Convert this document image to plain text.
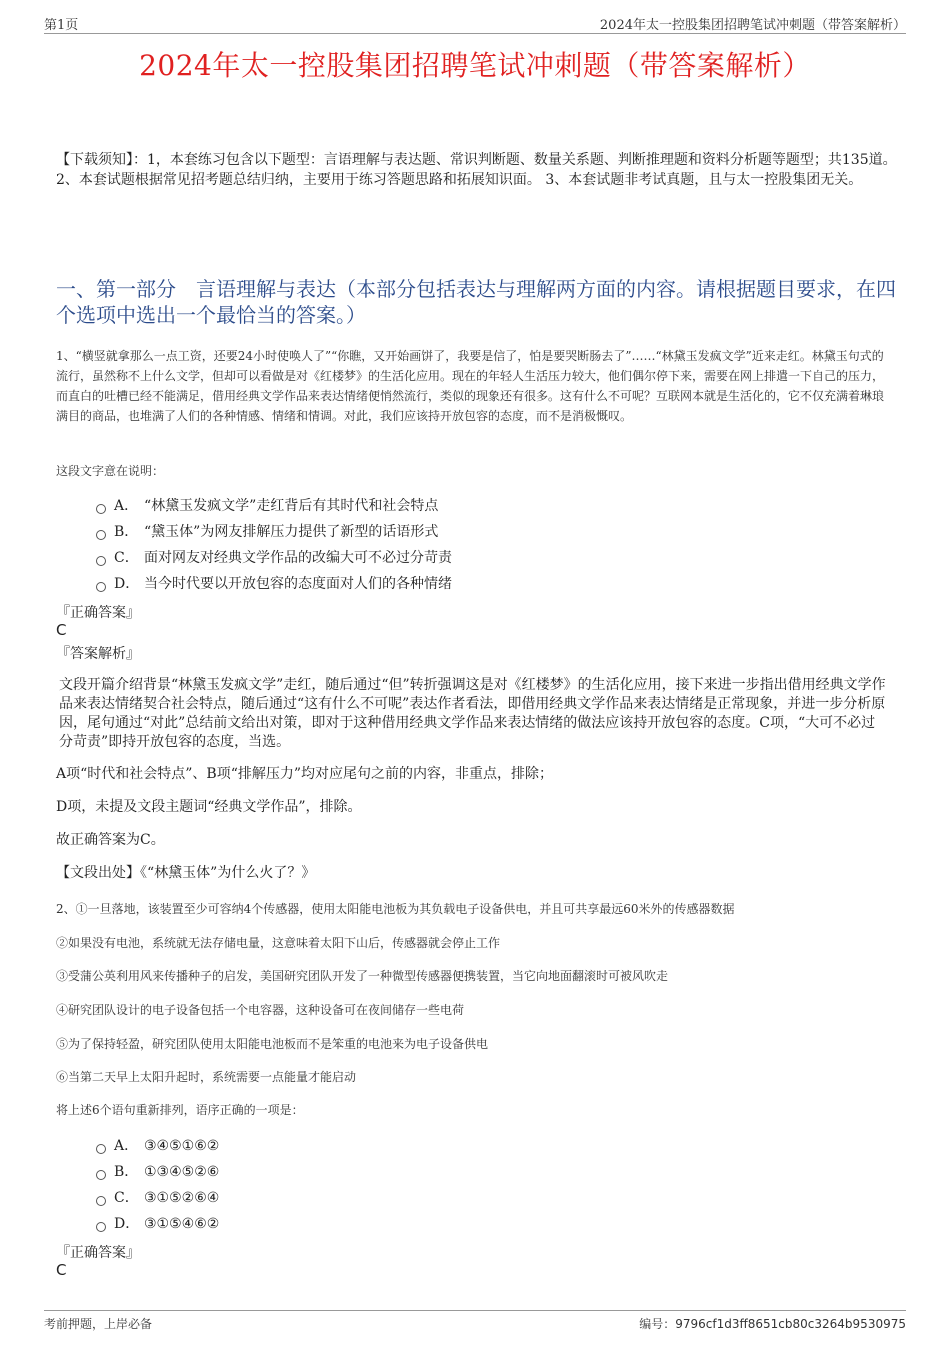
第1页	2024年太一控股集团招聘笔试冲刺题（带答案解析）
2024年太一控股集团招聘笔试冲刺题（带答案解析）
【下载须知】：1，本套练习包含以下题型：言语理解与表达题、常识判断题、数量关系题、判断推理题和资料分析题等题型；共135道。 2、本套试题根据常见招考题总结归纳，主要用于练习答题思路和拓展知识面。 3、本套试题非考试真题，且与太一控股集团无关。
一、第一部分　言语理解与表达（本部分包括表达与理解两方面的内容。请根据题目要求，在四个选项中选出一个最恰当的答案。）
1、“横竖就拿那么一点工资，还要24小时使唤人了”“你瞧，又开始画饼了，我要是信了，怕是要哭断肠去了”……“林黛玉发疯文学”近来走红。林黛玉句式的流行，虽然称不上什么文学，但却可以看做是对《红楼梦》的生活化应用。现在的年轻人生活压力较大，他们偶尔停下来，需要在网上排遣一下自己的压力，而直白的吐槽已经不能满足，借用经典文学作品来表达情绪便悄然流行，类似的现象还有很多。这有什么不可呢？互联网本就是生活化的，它不仅充满着琳琅满目的商品，也堆满了人们的各种情感、情绪和情调。对此，我们应该持开放包容的态度，而不是消极慨叹。
这段文字意在说明：
A． “林黛玉发疯文学”走红背后有其时代和社会特点
B． “黛玉体”为网友排解压力提供了新型的话语形式
C． 面对网友对经典文学作品的改编大可不必过分苛责
D． 当今时代要以开放包容的态度面对人们的各种情绪
『正确答案』
C
『答案解析』
文段开篇介绍背景“林黛玉发疯文学”走红，随后通过“但”转折强调这是对《红楼梦》的生活化应用，接下来进一步指出借用经典文学作品来表达情绪契合社会特点，随后通过“这有什么不可呢”表达作者看法，即借用经典文学作品来表达情绪是正常现象，并进一步分析原因，尾句通过“对此”总结前文给出对策，即对于这种借用经典文学作品来表达情绪的做法应该持开放包容的态度。C项，“大可不必过分苛责”即持开放包容的态度，当选。
A项“时代和社会特点”、B项“排解压力”均对应尾句之前的内容，非重点，排除；
D项，未提及文段主题词“经典文学作品”，排除。
故正确答案为C。
【文段出处】《“林黛玉体”为什么火了？》
2、①一旦落地，该装置至少可容纳4个传感器，使用太阳能电池板为其负载电子设备供电，并且可共享最远60米外的传感器数据
②如果没有电池，系统就无法存储电量，这意味着太阳下山后，传感器就会停止工作
③受蒲公英利用风来传播种子的启发，美国研究团队开发了一种微型传感器便携装置，当它向地面翻滚时可被风吹走
④研究团队设计的电子设备包括一个电容器，这种设备可在夜间储存一些电荷
⑤为了保持轻盈，研究团队使用太阳能电池板而不是笨重的电池来为电子设备供电
⑥当第二天早上太阳升起时，系统需要一点能量才能启动
将上述6个语句重新排列，语序正确的一项是：
A． ③④⑤①⑥②
B． ①③④⑤②⑥
C． ③①⑤②⑥④
D． ③①⑤④⑥②
『正确答案』
C
考前押题，上岸必备	编号：9796cf1d3ff8651cb80c3264b9530975
